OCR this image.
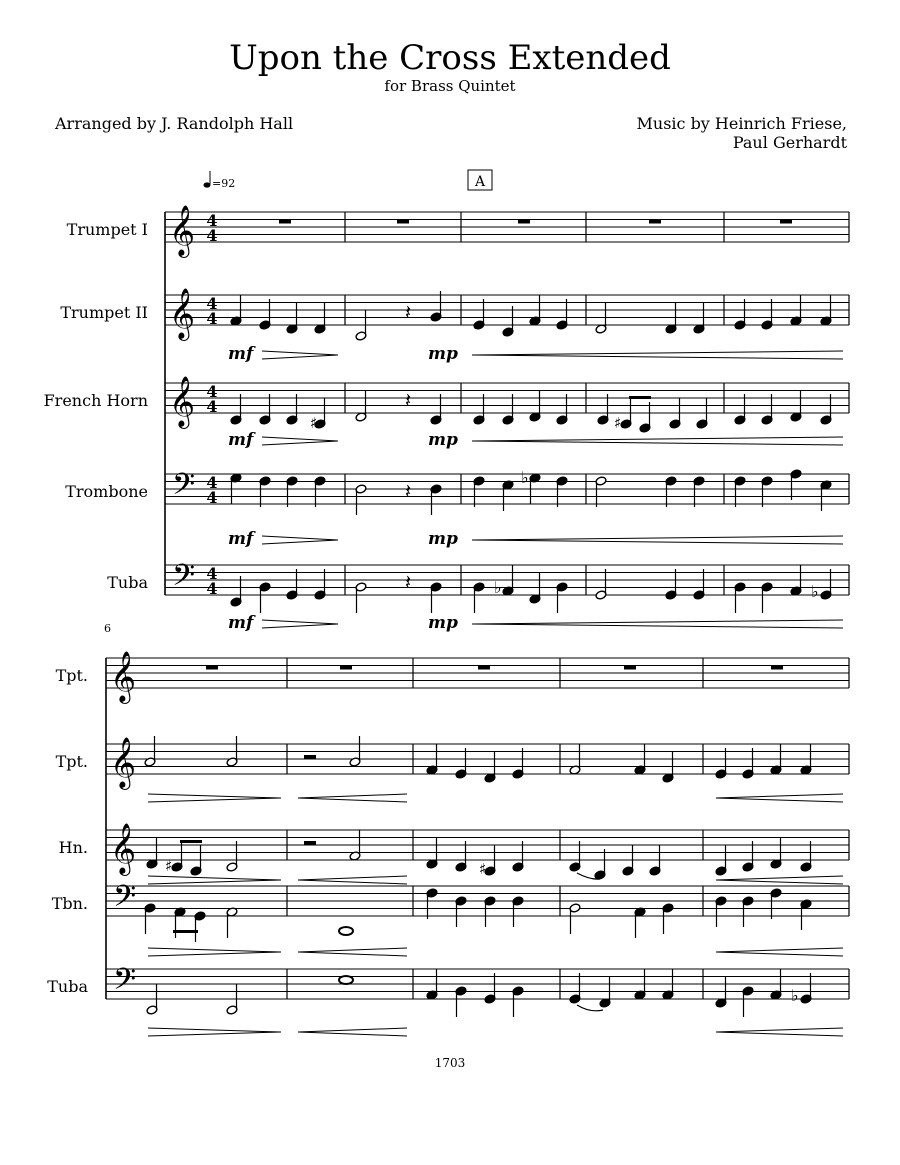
Upon the Cross Extended
for Brass Quintet
Arranged by J. Randolph Hall	Music by Heinrich Friese,
Paul Gerhardt
1703
Trumpet I 𝄞 4
4
Trumpet II 𝄞 4
4
French Horn 𝄞 4
4
Trombone 𝄢 4
4
Tuba 𝄢 4
4
=92	A
𝄽
mf	mp
♯
𝄽
♯
mf	mp
𝄽
♭
mf	mp
𝄽	♭	♭
mf	mp
6
Tpt. 𝄞
Tpt. 𝄞
Hn. 𝄞
Tbn. 𝄢
Tuba 𝄢
♯	♯
♭
